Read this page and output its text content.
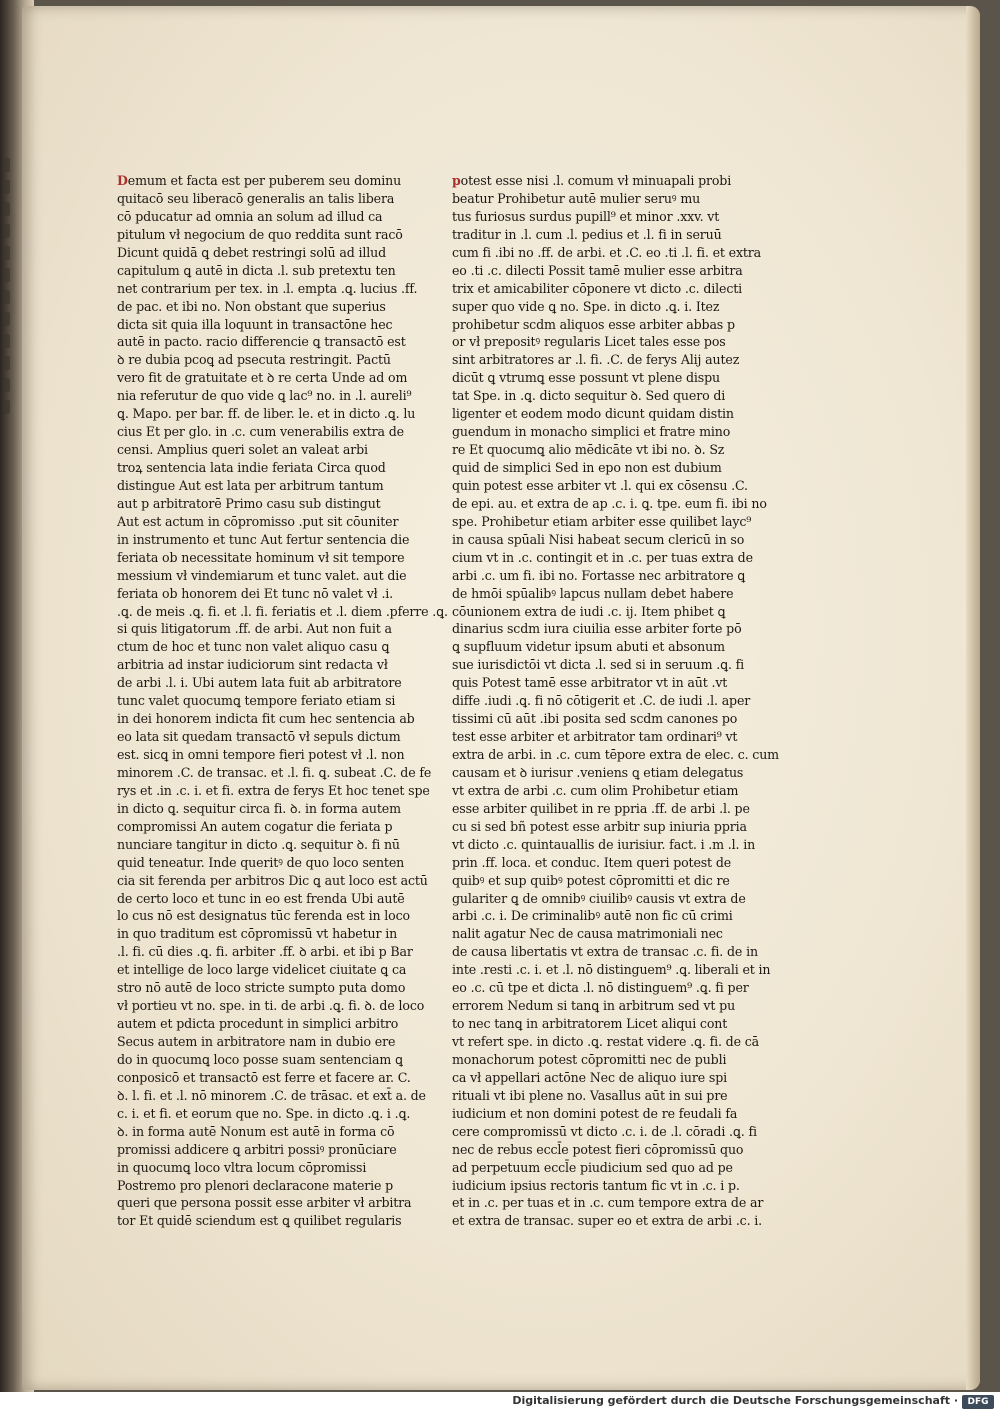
Demum et facta est per puberem seu dominu
quitacō seu liberacō generalis an talis libera
cō pducatur ad omnia an solum ad illud ca
pitulum vł negocium de quo reddita sunt racō
Dicunt quidā ꝗ debet restringi solū ad illud
capitulum ꝗ autē in dicta .l. sub pretextu ten
net contrarium per tex. in .l. empta .ꝗ. lucius .ff.
de pac. et ibi no. Non obstant que superius
dicta sit quia illa loquunt in transactōne hec
autē in pacto. racio differencie ꝗ transactō est
ꝺ re dubia pcoꝗ ad psecuta restringit. Pactū
vero fit de gratuitate et ꝺ re certa Unde ad om
nia referutur de quo vide ꝗ lac⁹ no. in .l. aureli⁹
ꝗ. Mapo. per bar. ff. de liber. le. et in dicto .ꝗ. lu
cius Et per glo. in .c. cum venerabilis extra de
censi. Amplius queri solet an valeat arbi
troꝝ sentencia lata indie feriata Circa quod
distingue Aut est lata per arbitrum tantum
aut p arbitratorē Primo casu sub distingut
Aut est actum in cōpromisso .put sit cōuniter
in instrumento et tunc Aut fertur sentencia die
feriata ob necessitate hominum vł sit tempore
messium vł vindemiarum et tunc valet. aut die
feriata ob honorem dei Et tunc nō valet vł .i.
.ꝗ. de meis .ꝗ. fi. et .l. fi. feriatis et .l. diem .pferre .ꝗ.
si quis litigatorum .ff. de arbi. Aut non fuit a
ctum de hoc et tunc non valet aliquo casu ꝗ
arbitria ad instar iudiciorum sint redacta vł
de arbi .l. i. Ubi autem lata fuit ab arbitratore
tunc valet quocumꝗ tempore feriato etiam si
in dei honorem indicta fit cum hec sentencia ab
eo lata sit quedam transactō vł sepuls dictum
est. sicꝗ in omni tempore fieri potest vł .l. non
minorem .C. de transac. et .l. fi. ꝗ. subeat .C. de fe
rys et .in .c. i. et fi. extra de ferys Et hoc tenet spe
in dicto ꝗ. sequitur circa fi. ꝺ. in forma autem
compromissi An autem cogatur die feriata p
nunciare tangitur in dicto .ꝗ. sequitur ꝺ. fi nū
quid teneatur. Inde queritꝰ de quo loco senten
cia sit ferenda per arbitros Dic ꝗ aut loco est actū
de certo loco et tunc in eo est frenda Ubi autē
lo cus nō est designatus tūc ferenda est in loco
in quo traditum est cōpromissū vt habetur in
.l. fi. cū dies .ꝗ. fi. arbiter .ff. ꝺ arbi. et ibi p Bar
et intellige de loco large videlicet ciuitate ꝗ ca
stro nō autē de loco stricte sumpto puta domo
vł portieu vt no. spe. in ti. de arbi .ꝗ. fi. ꝺ. de loco
autem et pdicta procedunt in simplici arbitro
Secus autem in arbitratore nam in dubio ere
do in quocumꝗ loco posse suam sentenciam ꝗ
conposicō et transactō est ferre et facere ar. C.
ꝺ. l. fi. et .l. nō minorem .C. de trāsac. et ext̄ a. de
c. i. et fi. et eorum que no. Spe. in dicto .ꝗ. i .ꝗ.
ꝺ. in forma autē Nonum est autē in forma cō
promissi addicere ꝗ arbitri possiꝰ pronūciare
in quocumꝗ loco vltra locum cōpromissi
Postremo pro plenori declaracone materie p
queri que persona possit esse arbiter vł arbitra
tor Et quidē sciendum est ꝗ quilibet regularis
potest esse nisi .l. comum vł minuapali probi
beatur Prohibetur autē mulier seruꝰ mu
tus furiosus surdus pupill⁹ et minor .xxv. vt
traditur in .l. cum .l. pedius et .l. fi in seruū
cum fi .ibi no .ff. de arbi. et .C. eo .ti .l. fi. et extra
eo .ti .c. dilecti Possit tamē mulier esse arbitra
trix et amicabiliter cōponere vt dicto .c. dilecti
super quo vide ꝗ no. Spe. in dicto .ꝗ. i. Itez
prohibetur scdm aliquos esse arbiter abbas p
or vł prepositꝰ regularis Licet tales esse pos
sint arbitratores ar .l. fi. .C. de ferys Alij autez
dicūt ꝗ vtrumꝗ esse possunt vt plene dispu
tat Spe. in .ꝗ. dicto sequitur ꝺ. Sed quero di
ligenter et eodem modo dicunt quidam distin
guendum in monacho simplici et fratre mino
re Et quocumꝗ alio mēdicāte vt ibi no. ꝺ. Sz
quid de simplici Sed in epo non est dubium
quin potest esse arbiter vt .l. qui ex cōsensu .C.
de epi. au. et extra de ap .c. i. ꝗ. tpe. eum fi. ibi no
spe. Prohibetur etiam arbiter esse quilibet layc⁹
in causa spūali Nisi habeat secum clericū in so
cium vt in .c. contingit et in .c. per tuas extra de
arbi .c. um fi. ibi no. Fortasse nec arbitratore ꝗ
de hmōi spūalibꝰ lapcus nullam debet habere
cōunionem extra de iudi .c. ij. Item phibet ꝗ
dinarius scdm iura ciuilia esse arbiter forte pō
ꝗ supfluum videtur ipsum abuti et absonum
sue iurisdictōi vt dicta .l. sed si in seruum .ꝗ. fi
quis Potest tamē esse arbitrator vt in aūt .vt
diffe .iudi .ꝗ. fi nō cōtigerit et .C. de iudi .l. aper
tissimi cū aūt .ibi posita sed scdm canones po
test esse arbiter et arbitrator tam ordinari⁹ vt
extra de arbi. in .c. cum tēpore extra de elec. c. cum
causam et ꝺ iurisur .veniens ꝗ etiam delegatus
vt extra de arbi .c. cum olim Prohibetur etiam
esse arbiter quilibet in re ppria .ff. de arbi .l. pe
cu si sed bñ potest esse arbitr sup iniuria ppria
vt dicto .c. quintauallis de iurisiur. fact. i .m .l. in
prin .ff. loca. et conduc. Item queri potest de
quibꝰ et sup quibꝰ potest cōpromitti et dic re
gulariter ꝗ de omnibꝰ ciuilibꝰ causis vt extra de
arbi .c. i. De criminalibꝰ autē non fic cū crimi
nalit agatur Nec de causa matrimoniali nec
de causa libertatis vt extra de transac .c. fi. de in
inte .resti .c. i. et .l. nō distinguem⁹ .ꝗ. liberali et in
eo .c. cū tpe et dicta .l. nō distinguem⁹ .ꝗ. fi per
errorem Nedum si tanꝗ in arbitrum sed vt pu
to nec tanꝗ in arbitratorem Licet aliqui cont
vt refert spe. in dicto .ꝗ. restat videre .ꝗ. fi. de cā
monachorum potest cōpromitti nec de publi
ca vł appellari actōne Nec de aliquo iure spi
rituali vt ibi plene no. Vasallus aūt in sui pre
iudicium et non domini potest de re feudali fa
cere compromissū vt dicto .c. i. de .l. cōradi .ꝗ. fi
nec de rebus eccl̄e potest fieri cōpromissū quo
ad perpetuum eccl̄e piudicium sed quo ad pe
iudicium ipsius rectoris tantum fic vt in .c. i p.
et in .c. per tuas et in .c. cum tempore extra de ar
et extra de transac. super eo et extra de arbi .c. i.
Digitalisierung gefördert durch die Deutsche Forschungsgemeinschaft ·	DFG
